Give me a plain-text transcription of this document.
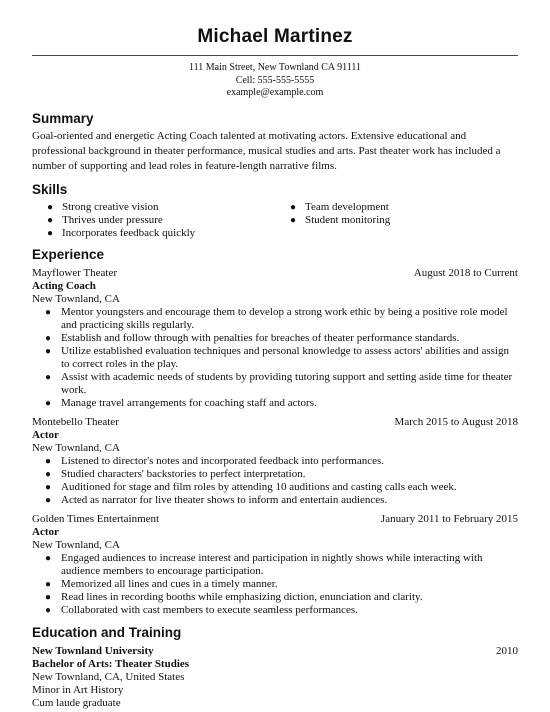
Michael Martinez
111 Main Street, New Townland CA 91111
Cell: 555-555-5555
example@example.com
Summary
Goal-oriented and energetic Acting Coach talented at motivating actors. Extensive educational and professional background in theater performance, musical studies and arts. Past theater work has included a number of supporting and lead roles in feature-length narrative films.
Skills
● Strong creative vision
● Thrives under pressure
● Incorporates feedback quickly
● Team development
● Student monitoring
Experience
Mayflower Theater	August 2018 to Current
Acting Coach
New Townland, CA
● Mentor youngsters and encourage them to develop a strong work ethic by being a positive role model and practicing skills regularly.
● Establish and follow through with penalties for breaches of theater performance standards.
● Utilize established evaluation techniques and personal knowledge to assess actors' abilities and assign to correct roles in the play.
● Assist with academic needs of students by providing tutoring support and setting aside time for theater work.
● Manage travel arrangements for coaching staff and actors.
Montebello Theater	March 2015 to August 2018
Actor
New Townland, CA
● Listened to director's notes and incorporated feedback into performances.
● Studied characters' backstories to perfect interpretation.
● Auditioned for stage and film roles by attending 10 auditions and casting calls each week.
● Acted as narrator for live theater shows to inform and entertain audiences.
Golden Times Entertainment	January 2011 to February 2015
Actor
New Townland, CA
● Engaged audiences to increase interest and participation in nightly shows while interacting with audience members to encourage participation.
● Memorized all lines and cues in a timely manner.
● Read lines in recording booths while emphasizing diction, enunciation and clarity.
● Collaborated with cast members to execute seamless performances.
Education and Training
New Townland University	2010
Bachelor of Arts: Theater Studies
New Townland, CA, United States
Minor in Art History
Cum laude graduate
